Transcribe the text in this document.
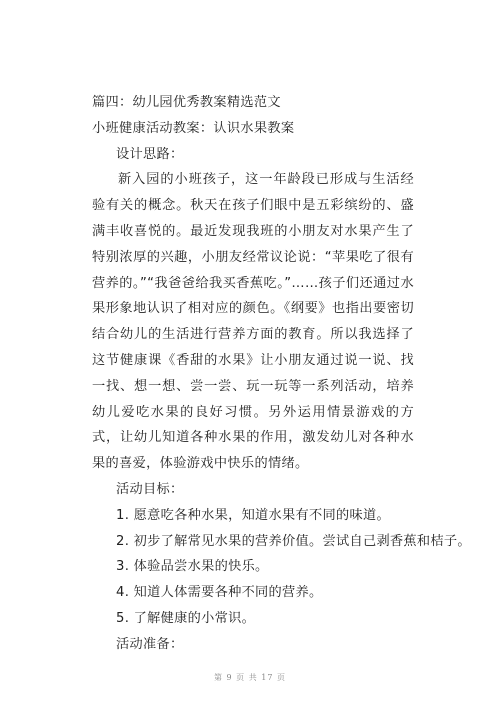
篇四：幼儿园优秀教案精选范文
小班健康活动教案：认识水果教案
设计思路：
新入园的小班孩子，这一年龄段已形成与生活经验有关的概念。秋天在孩子们眼中是五彩缤纷的、盛满丰收喜悦的。最近发现我班的小朋友对水果产生了特别浓厚的兴趣，小朋友经常议论说：“苹果吃了很有营养的。”“我爸爸给我买香蕉吃。”……孩子们还通过水果形象地认识了相对应的颜色。《纲要》也指出要密切结合幼儿的生活进行营养方面的教育。所以我选择了这节健康课《香甜的水果》让小朋友通过说一说、找一找、想一想、尝一尝、玩一玩等一系列活动，培养幼儿爱吃水果的良好习惯。另外运用情景游戏的方式，让幼儿知道各种水果的作用，激发幼儿对各种水果的喜爱，体验游戏中快乐的情绪。
活动目标：
1. 愿意吃各种水果，知道水果有不同的味道。
2. 初步了解常见水果的营养价值。尝试自己剥香蕉和桔子。
3. 体验品尝水果的快乐。
4. 知道人体需要各种不同的营养。
5. 了解健康的小常识。
活动准备：
第 9 页 共 17 页
